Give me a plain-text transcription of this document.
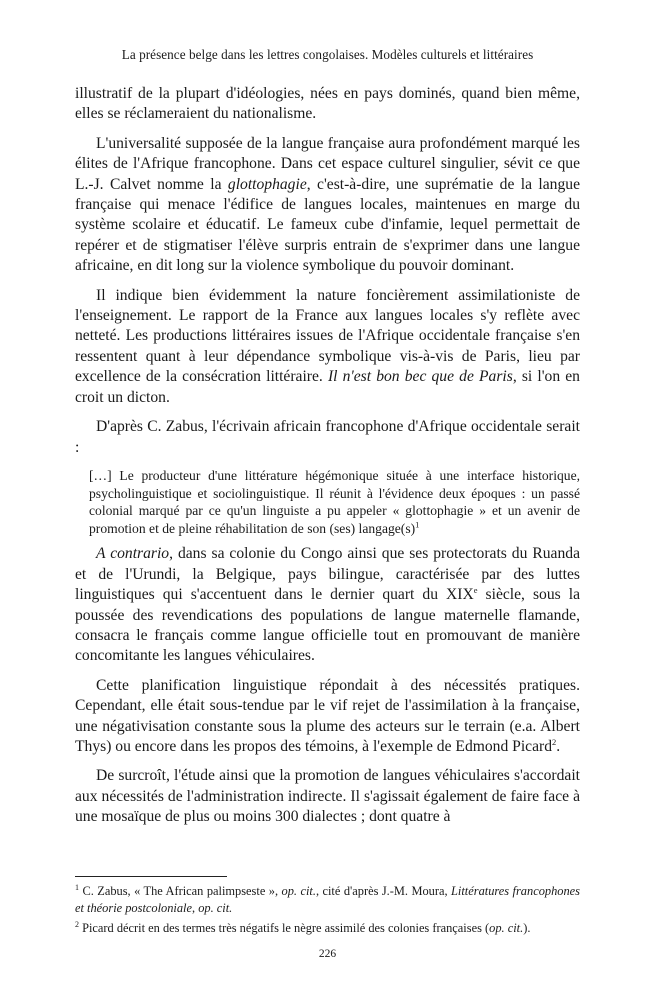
La présence belge dans les lettres congolaises. Modèles culturels et littéraires

illustratif de la plupart d'idéologies, nées en pays dominés, quand bien même, elles se réclameraient du nationalisme.

L'universalité supposée de la langue française aura profondément marqué les élites de l'Afrique francophone. Dans cet espace culturel singulier, sévit ce que L.-J. Calvet nomme la glottophagie, c'est-à-dire, une suprématie de la langue française qui menace l'édifice de langues locales, maintenues en marge du système scolaire et éducatif. Le fameux cube d'infamie, lequel permettait de repérer et de stigmatiser l'élève surpris entrain de s'exprimer dans une langue africaine, en dit long sur la violence symbolique du pouvoir dominant.

Il indique bien évidemment la nature foncièrement assimilationiste de l'enseignement. Le rapport de la France aux langues locales s'y reflète avec netteté. Les productions littéraires issues de l'Afrique occidentale française s'en ressentent quant à leur dépendance symbolique vis-à-vis de Paris, lieu par excellence de la consécration littéraire. Il n'est bon bec que de Paris, si l'on en croit un dicton.

D'après C. Zabus, l'écrivain africain francophone d'Afrique occidentale serait :

[…] Le producteur d'une littérature hégémonique située à une interface historique, psycholinguistique et sociolinguistique. Il réunit à l'évidence deux époques : un passé colonial marqué par ce qu'un linguiste a pu appeler « glottophagie » et un avenir de promotion et de pleine réhabilitation de son (ses) $langage(s)^1$

A contrario, dans sa colonie du Congo ainsi que ses protectorats du Ruanda et de l'Urundi, la Belgique, pays bilingue, caractérisée par des luttes linguistiques qui s'accentuent dans le dernier quart du XIXe siècle, sous la poussée des revendications des populations de langue maternelle flamande, consacra le français comme langue officielle tout en promouvant de manière concomitante les langues véhiculaires.

Cette planification linguistique répondait à des nécessités pratiques. Cependant, elle était sous-tendue par le vif rejet de l'assimilation à la française, une négativisation constante sous la plume des acteurs sur le terrain (e.a. Albert Thys) ou encore dans les propos des témoins, à l'exemple de Edmond Picard$^2$.

De surcroît, l'étude ainsi que la promotion de langues véhiculaires s'accordait aux nécessités de l'administration indirecte. Il s'agissait également de faire face à une mosaïque de plus ou moins 300 dialectes ; dont quatre à

$^1$ C. Zabus, « The African palimpseste », op. cit., cité d'après J.-M. Moura, Littératures francophones et théorie postcoloniale, op. cit.

$^2$ Picard décrit en des termes très négatifs le nègre assimilé des colonies françaises (op. cit.).

226
